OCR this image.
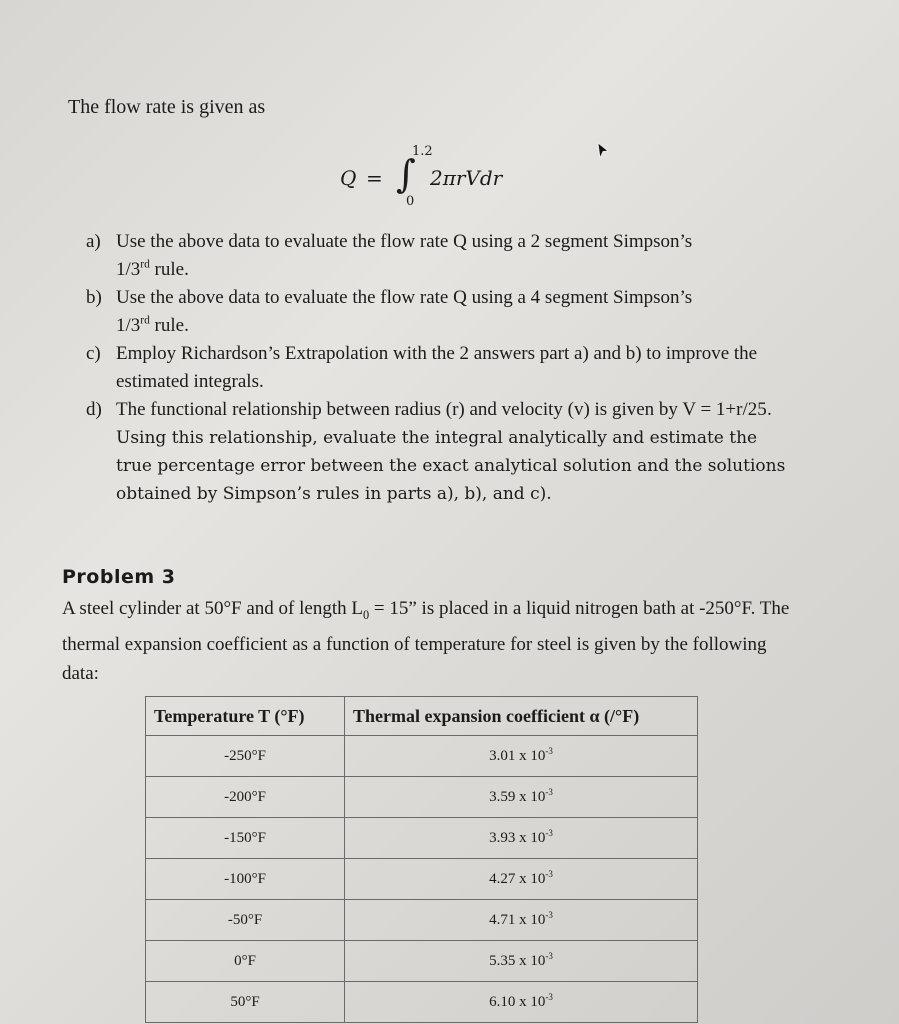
The flow rate is given as

Q = ∫
1.2
0
2πrVdr
a) Use the above data to evaluate the flow rate Q using a 2 segment Simpson’s
1/3rd rule.
b) Use the above data to evaluate the flow rate Q using a 4 segment Simpson’s
1/3rd rule.
c) Employ Richardson’s Extrapolation with the 2 answers part a) and b) to improve the estimated integrals.
d) The functional relationship between radius (r) and velocity (v) is given by V = 1+r/25. Using this relationship, evaluate the integral analytically and estimate the true percentage error between the exact analytical solution and the solutions obtained by Simpson’s rules in parts a), b), and c).
Problem 3

A steel cylinder at 50°F and of length $L_0 = 15$” is placed in a liquid nitrogen bath at -250°F. The thermal expansion coefficient as a function of temperature for steel is given by the following data:

Temperature T (°F)	Thermal expansion coefficient α (/°F)
-250°F	3.01 x $10^{-3}$
-200°F	3.59 x $10^{-3}$
-150°F	3.93 x $10^{-3}$
-100°F	4.27 x $10^{-3}$
-50°F	4.71 x $10^{-3}$
0°F	5.35 x $10^{-3}$
50°F	6.10 x $10^{-3}$
